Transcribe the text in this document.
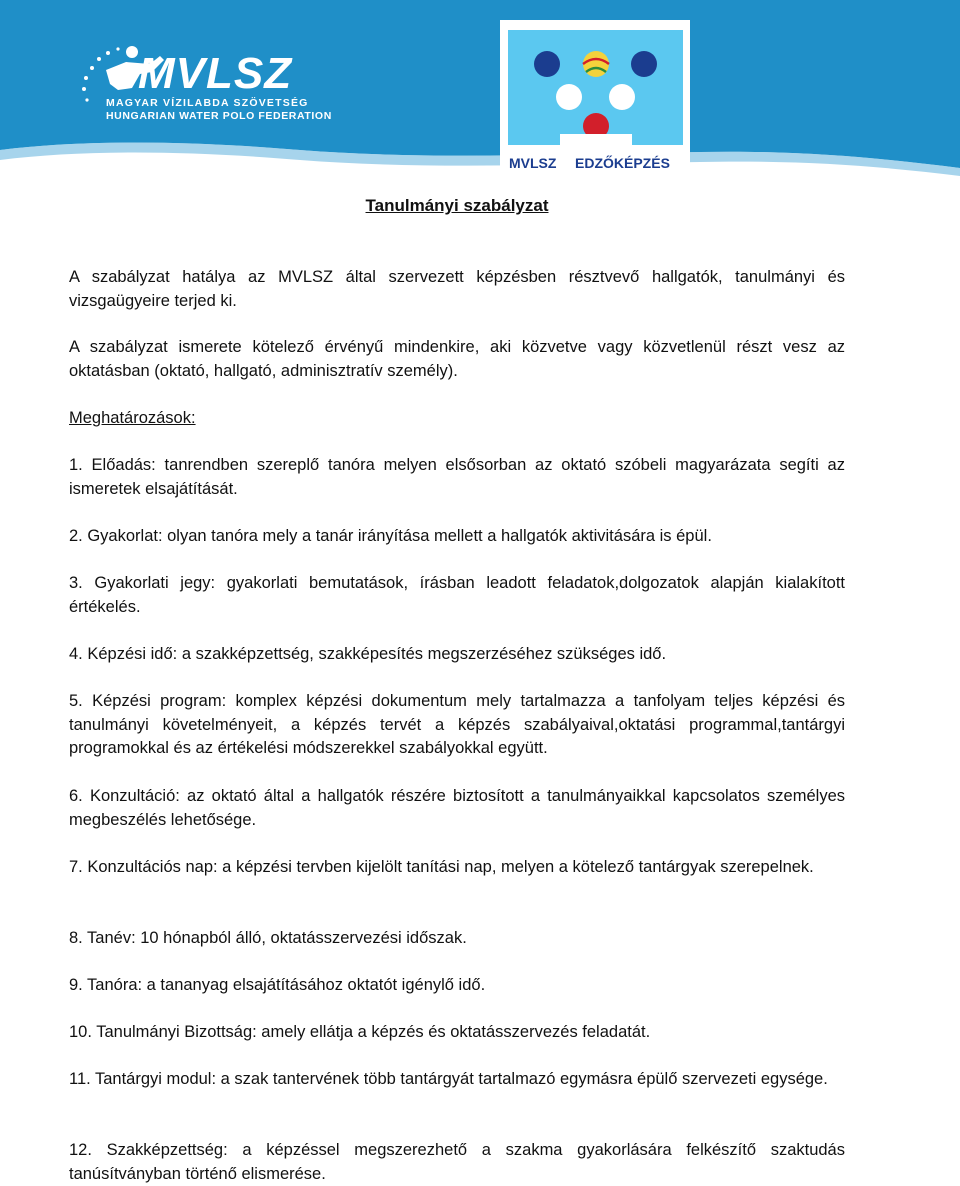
MVLSZ
MAGYAR VÍZILABDA SZÖVETSÉG
HUNGARIAN WATER POLO FEDERATION
MVLSZ EDZŐKÉPZÉS
Tanulmányi szabályzat

A szabályzat hatálya az MVLSZ által szervezett képzésben résztvevő hallgatók, tanulmányi és vizsgaügyeire terjed ki.

A szabályzat ismerete kötelező érvényű mindenkire, aki közvetve vagy közvetlenül részt vesz az oktatásban (oktató, hallgató, adminisztratív személy).

Meghatározások:

1. Előadás: tanrendben szereplő tanóra melyen elsősorban az oktató szóbeli magyarázata segíti az ismeretek elsajátítását.

2. Gyakorlat: olyan tanóra mely a tanár irányítása mellett a hallgatók aktivitására is épül.

3. Gyakorlati jegy: gyakorlati bemutatások, írásban leadott feladatok,dolgozatok alapján kialakított értékelés.

4. Képzési idő: a szakképzettség, szakképesítés megszerzéséhez szükséges idő.

5. Képzési program: komplex képzési dokumentum mely tartalmazza a tanfolyam teljes képzési és tanulmányi követelményeit, a képzés tervét a képzés szabályaival,oktatási programmal,tantárgyi programokkal és az értékelési módszerekkel szabályokkal együtt.

6. Konzultáció: az oktató által a hallgatók részére biztosított a tanulmányaikkal kapcsolatos személyes megbeszélés lehetősége.

7. Konzultációs nap: a képzési tervben kijelölt tanítási nap, melyen a kötelező tantárgyak szerepelnek.

8. Tanév: 10 hónapból álló, oktatásszervezési időszak.

9. Tanóra: a tananyag elsajátításához oktatót igénylő idő.

10. Tanulmányi Bizottság: amely ellátja a képzés és oktatásszervezés feladatát.

11. Tantárgyi modul: a szak tantervének több tantárgyát tartalmazó egymásra épülő szervezeti egysége.

12. Szakképzettség: a képzéssel megszerezhető a szakma gyakorlására felkészítő szaktudás tanúsítványban történő elismerése.
